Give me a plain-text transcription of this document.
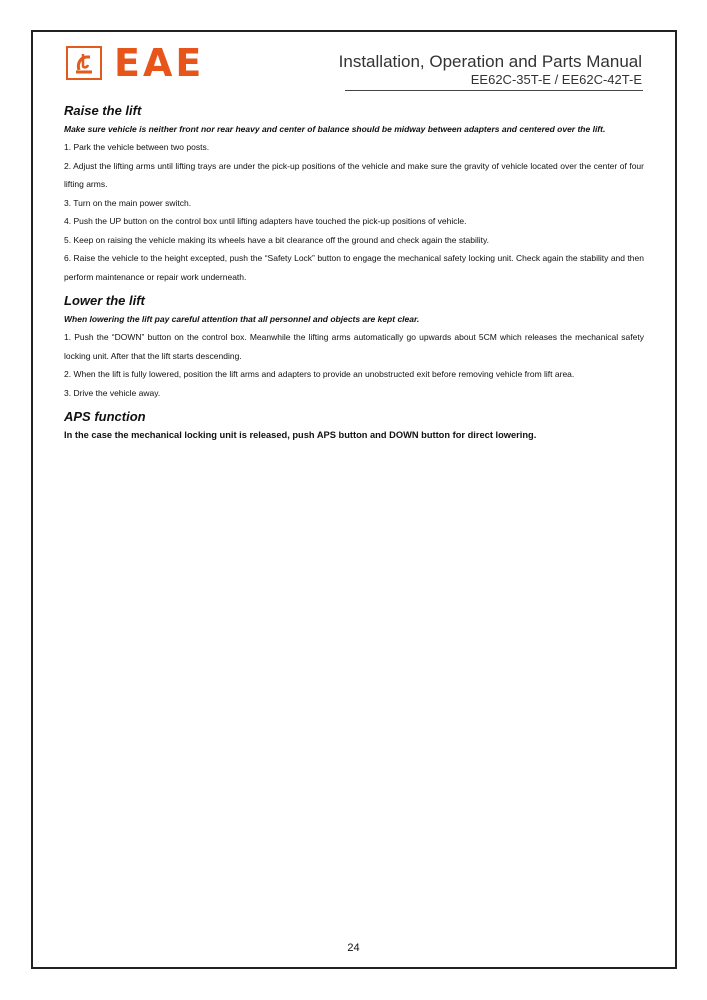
EAE	Installation, Operation and Parts Manual
EE62C-35T-E / EE62C-42T-E

Raise the lift

Make sure vehicle is neither front nor rear heavy and center of balance should be midway between adapters and centered over the lift.

1. Park the vehicle between two posts.

2. Adjust the lifting arms until lifting trays are under the pick-up positions of the vehicle and make sure the gravity of vehicle located over the center of four lifting arms.

3. Turn on the main power switch.

4. Push the UP button on the control box until lifting adapters have touched the pick-up positions of vehicle.

5. Keep on raising the vehicle making its wheels have a bit clearance off the ground and check again the stability.

6. Raise the vehicle to the height excepted, push the “Safety Lock” button to engage the mechanical safety locking unit. Check again the stability and then perform maintenance or repair work underneath.

Lower the lift

When lowering the lift pay careful attention that all personnel and objects are kept clear.

1. Push the “DOWN” button on the control box. Meanwhile the lifting arms automatically go upwards about 5CM which releases the mechanical safety locking unit. After that the lift starts descending.

2. When the lift is fully lowered, position the lift arms and adapters to provide an unobstructed exit before removing vehicle from lift area.

3. Drive the vehicle away.

APS function

In the case the mechanical locking unit is released, push APS button and DOWN button for direct lowering.

24
